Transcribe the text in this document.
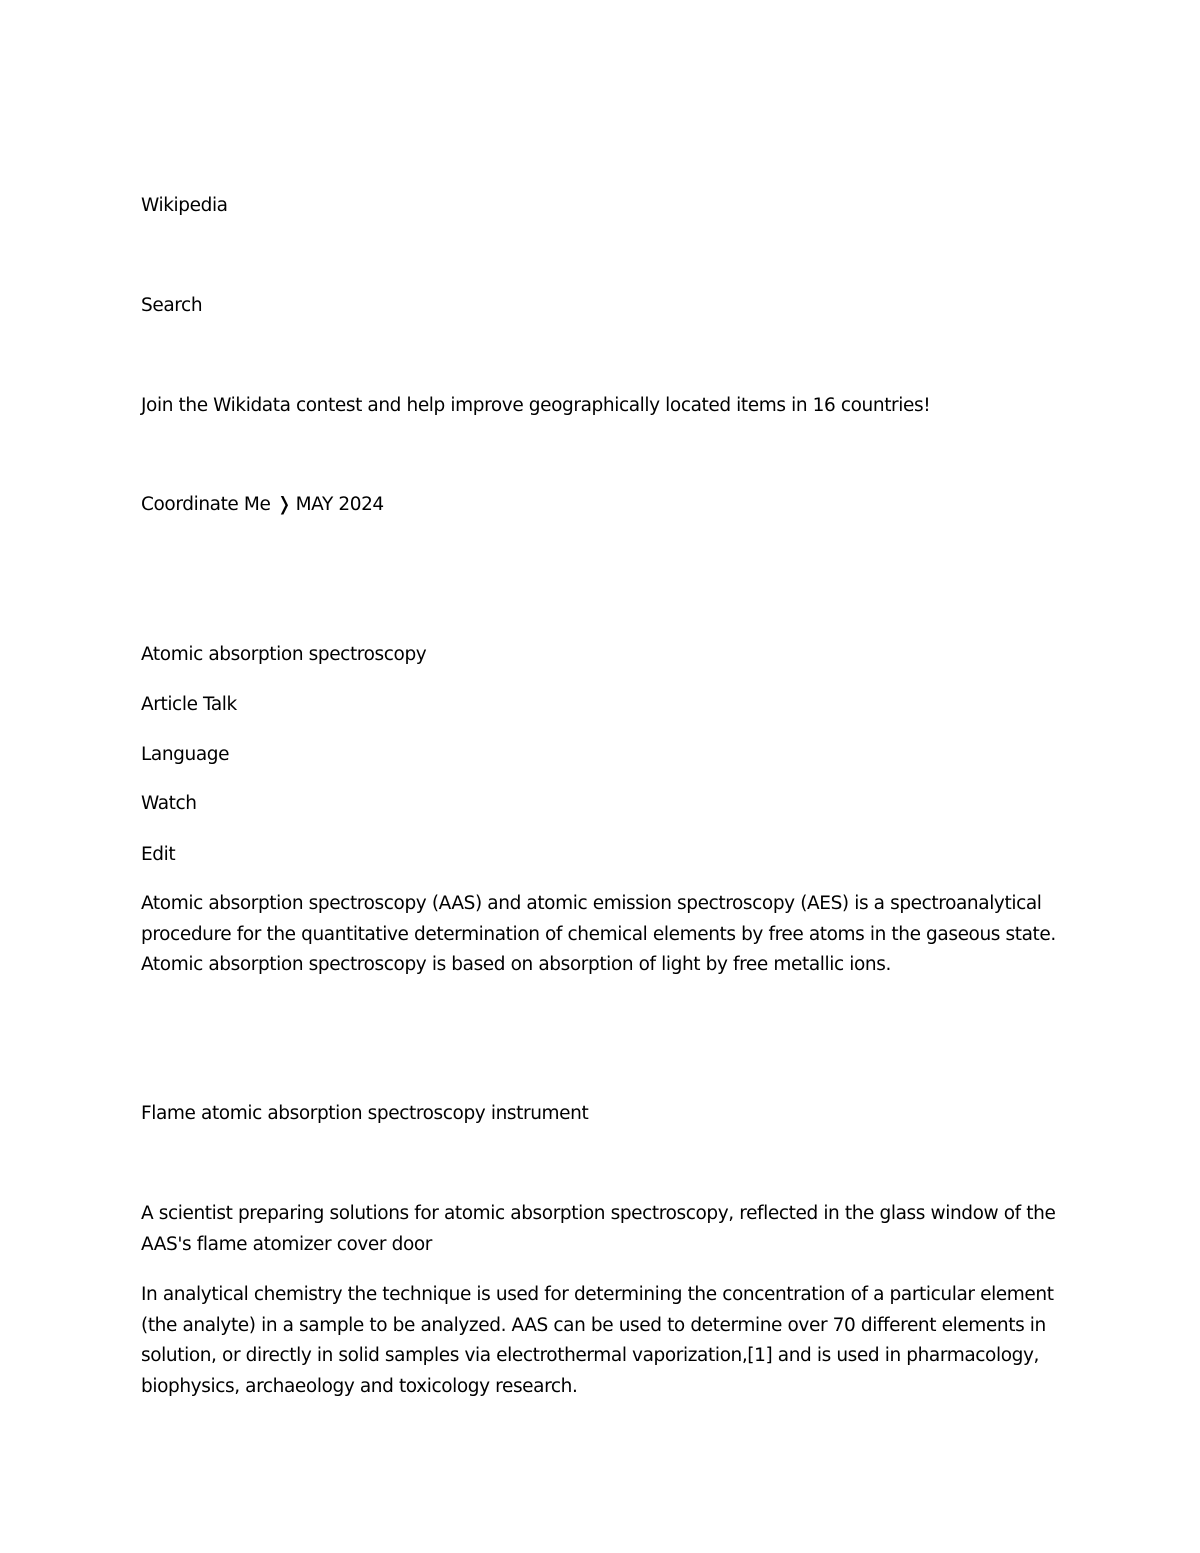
Wikipedia

Search

Join the Wikidata contest and help improve geographically located items in 16 countries!

Coordinate Me ❭ MAY 2024

Atomic absorption spectroscopy

Article Talk

Language

Watch

Edit

Atomic absorption spectroscopy (AAS) and atomic emission spectroscopy (AES) is a spectroanalytical procedure for the quantitative determination of chemical elements by free atoms in the gaseous state. Atomic absorption spectroscopy is based on absorption of light by free metallic ions.

Flame atomic absorption spectroscopy instrument

A scientist preparing solutions for atomic absorption spectroscopy, reflected in the glass window of the AAS's flame atomizer cover door

In analytical chemistry the technique is used for determining the concentration of a particular element (the analyte) in a sample to be analyzed. AAS can be used to determine over 70 different elements in solution, or directly in solid samples via electrothermal vaporization,[1] and is used in pharmacology, biophysics, archaeology and toxicology research.
